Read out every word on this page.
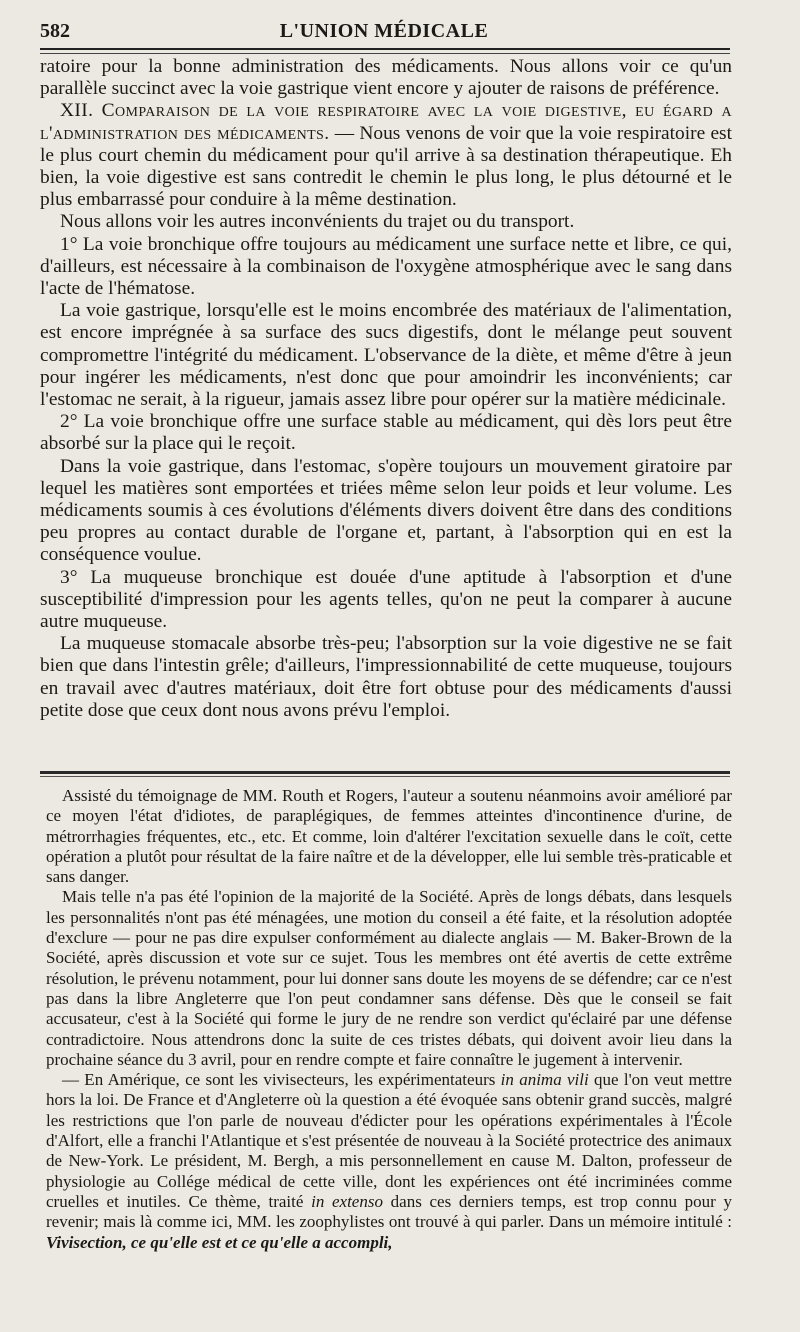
582	L'UNION MÉDICALE

ratoire pour la bonne administration des médicaments. Nous allons voir ce qu'un parallèle succinct avec la voie gastrique vient encore y ajouter de raisons de préférence.

XII. Comparaison de la voie respiratoire avec la voie digestive, eu égard a l'administration des médicaments. — Nous venons de voir que la voie respiratoire est le plus court chemin du médicament pour qu'il arrive à sa destination thérapeutique. Eh bien, la voie digestive est sans contredit le chemin le plus long, le plus détourné et le plus embarrassé pour conduire à la même destination.

Nous allons voir les autres inconvénients du trajet ou du transport.

1° La voie bronchique offre toujours au médicament une surface nette et libre, ce qui, d'ailleurs, est nécessaire à la combinaison de l'oxygène atmosphérique avec le sang dans l'acte de l'hématose.

La voie gastrique, lorsqu'elle est le moins encombrée des matériaux de l'alimentation, est encore imprégnée à sa surface des sucs digestifs, dont le mélange peut souvent compromettre l'intégrité du médicament. L'observance de la diète, et même d'être à jeun pour ingérer les médicaments, n'est donc que pour amoindrir les inconvénients; car l'estomac ne serait, à la rigueur, jamais assez libre pour opérer sur la matière médicinale.

2° La voie bronchique offre une surface stable au médicament, qui dès lors peut être absorbé sur la place qui le reçoit.

Dans la voie gastrique, dans l'estomac, s'opère toujours un mouvement giratoire par lequel les matières sont emportées et triées même selon leur poids et leur volume. Les médicaments soumis à ces évolutions d'éléments divers doivent être dans des conditions peu propres au contact durable de l'organe et, partant, à l'absorption qui en est la conséquence voulue.

3° La muqueuse bronchique est douée d'une aptitude à l'absorption et d'une susceptibilité d'impression pour les agents telles, qu'on ne peut la comparer à aucune autre muqueuse.

La muqueuse stomacale absorbe très-peu; l'absorption sur la voie digestive ne se fait bien que dans l'intestin grêle; d'ailleurs, l'impressionnabilité de cette muqueuse, toujours en travail avec d'autres matériaux, doit être fort obtuse pour des médicaments d'aussi petite dose que ceux dont nous avons prévu l'emploi.

Assisté du témoignage de MM. Routh et Rogers, l'auteur a soutenu néanmoins avoir amélioré par ce moyen l'état d'idiotes, de paraplégiques, de femmes atteintes d'incontinence d'urine, de métrorrhagies fréquentes, etc., etc. Et comme, loin d'altérer l'excitation sexuelle dans le coït, cette opération a plutôt pour résultat de la faire naître et de la développer, elle lui semble très-praticable et sans danger.

Mais telle n'a pas été l'opinion de la majorité de la Société. Après de longs débats, dans lesquels les personnalités n'ont pas été ménagées, une motion du conseil a été faite, et la résolution adoptée d'exclure — pour ne pas dire expulser conformément au dialecte anglais — M. Baker-Brown de la Société, après discussion et vote sur ce sujet. Tous les membres ont été avertis de cette extrême résolution, le prévenu notamment, pour lui donner sans doute les moyens de se défendre; car ce n'est pas dans la libre Angleterre que l'on peut condamner sans défense. Dès que le conseil se fait accusateur, c'est à la Société qui forme le jury de ne rendre son verdict qu'éclairé par une défense contradictoire. Nous attendrons donc la suite de ces tristes débats, qui doivent avoir lieu dans la prochaine séance du 3 avril, pour en rendre compte et faire connaître le jugement à intervenir.

— En Amérique, ce sont les vivisecteurs, les expérimentateurs in anima vili que l'on veut mettre hors la loi. De France et d'Angleterre où la question a été évoquée sans obtenir grand succès, malgré les restrictions que l'on parle de nouveau d'édicter pour les opérations expérimentales à l'École d'Alfort, elle a franchi l'Atlantique et s'est présentée de nouveau à la Société protectrice des animaux de New-York. Le président, M. Bergh, a mis personnellement en cause M. Dalton, professeur de physiologie au Collége médical de cette ville, dont les expériences ont été incriminées comme cruelles et inutiles. Ce thème, traité in extenso dans ces derniers temps, est trop connu pour y revenir; mais là comme ici, MM. les zoophylistes ont trouvé à qui parler. Dans un mémoire intitulé : Vivisection, ce qu'elle est et ce qu'elle a accompli,
